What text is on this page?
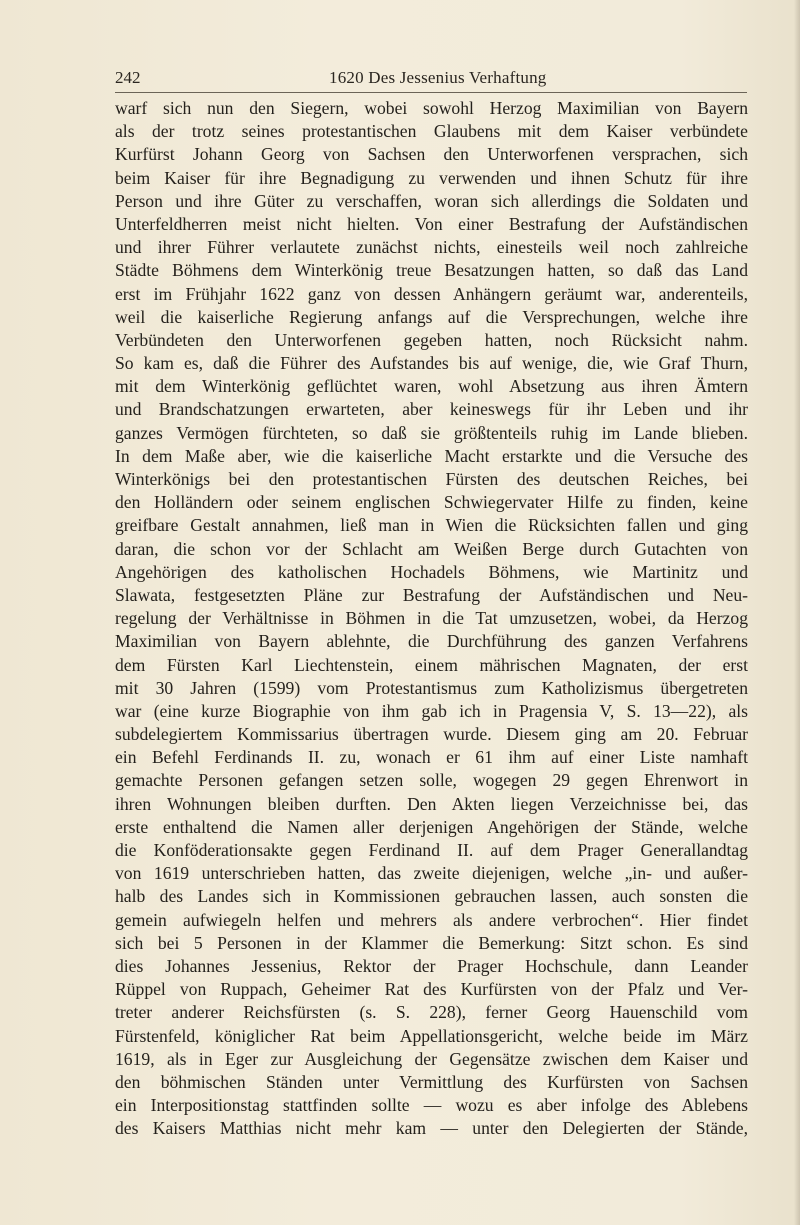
242	1620 Des Jessenius Verhaftung
warf sich nun den Siegern, wobei sowohl Herzog Maximilian von Bayern
als der trotz seines protestantischen Glaubens mit dem Kaiser verbündete
Kurfürst Johann Georg von Sachsen den Unterworfenen versprachen, sich
beim Kaiser für ihre Begnadigung zu verwenden und ihnen Schutz für ihre
Person und ihre Güter zu verschaffen, woran sich allerdings die Soldaten und
Unterfeldherren meist nicht hielten. Von einer Bestrafung der Aufständischen
und ihrer Führer verlautete zunächst nichts, einesteils weil noch zahlreiche
Städte Böhmens dem Winterkönig treue Besatzungen hatten, so daß das Land
erst im Frühjahr 1622 ganz von dessen Anhängern geräumt war, anderenteils,
weil die kaiserliche Regierung anfangs auf die Versprechungen, welche ihre
Verbündeten den Unterworfenen gegeben hatten, noch Rücksicht nahm.
So kam es, daß die Führer des Aufstandes bis auf wenige, die, wie Graf Thurn,
mit dem Winterkönig geflüchtet waren, wohl Absetzung aus ihren Ämtern
und Brandschatzungen erwarteten, aber keineswegs für ihr Leben und ihr
ganzes Vermögen fürchteten, so daß sie größtenteils ruhig im Lande blieben.
In dem Maße aber, wie die kaiserliche Macht erstarkte und die Versuche des
Winterkönigs bei den protestantischen Fürsten des deutschen Reiches, bei
den Holländern oder seinem englischen Schwiegervater Hilfe zu finden, keine
greifbare Gestalt annahmen, ließ man in Wien die Rücksichten fallen und ging
daran, die schon vor der Schlacht am Weißen Berge durch Gutachten von
Angehörigen des katholischen Hochadels Böhmens, wie Martinitz und
Slawata, festgesetzten Pläne zur Bestrafung der Aufständischen und Neu-
regelung der Verhältnisse in Böhmen in die Tat umzusetzen, wobei, da Herzog
Maximilian von Bayern ablehnte, die Durchführung des ganzen Verfahrens
dem Fürsten Karl Liechtenstein, einem mährischen Magnaten, der erst
mit 30 Jahren (1599) vom Protestantismus zum Katholizismus übergetreten
war (eine kurze Biographie von ihm gab ich in Pragensia V, S. 13—22), als
subdelegiertem Kommissarius übertragen wurde. Diesem ging am 20. Februar
ein Befehl Ferdinands II. zu, wonach er 61 ihm auf einer Liste namhaft
gemachte Personen gefangen setzen solle, wogegen 29 gegen Ehrenwort in
ihren Wohnungen bleiben durften. Den Akten liegen Verzeichnisse bei, das
erste enthaltend die Namen aller derjenigen Angehörigen der Stände, welche
die Konföderationsakte gegen Ferdinand II. auf dem Prager Generallandtag
von 1619 unterschrieben hatten, das zweite diejenigen, welche „in- und außer-
halb des Landes sich in Kommissionen gebrauchen lassen, auch sonsten die
gemein aufwiegeln helfen und mehrers als andere verbrochen“. Hier findet
sich bei 5 Personen in der Klammer die Bemerkung: Sitzt schon. Es sind
dies Johannes Jessenius, Rektor der Prager Hochschule, dann Leander
Rüppel von Ruppach, Geheimer Rat des Kurfürsten von der Pfalz und Ver-
treter anderer Reichsfürsten (s. S. 228), ferner Georg Hauenschild vom
Fürstenfeld, königlicher Rat beim Appellationsgericht, welche beide im März
1619, als in Eger zur Ausgleichung der Gegensätze zwischen dem Kaiser und
den böhmischen Ständen unter Vermittlung des Kurfürsten von Sachsen
ein Interpositionstag stattfinden sollte — wozu es aber infolge des Ablebens
des Kaisers Matthias nicht mehr kam — unter den Delegierten der Stände,
